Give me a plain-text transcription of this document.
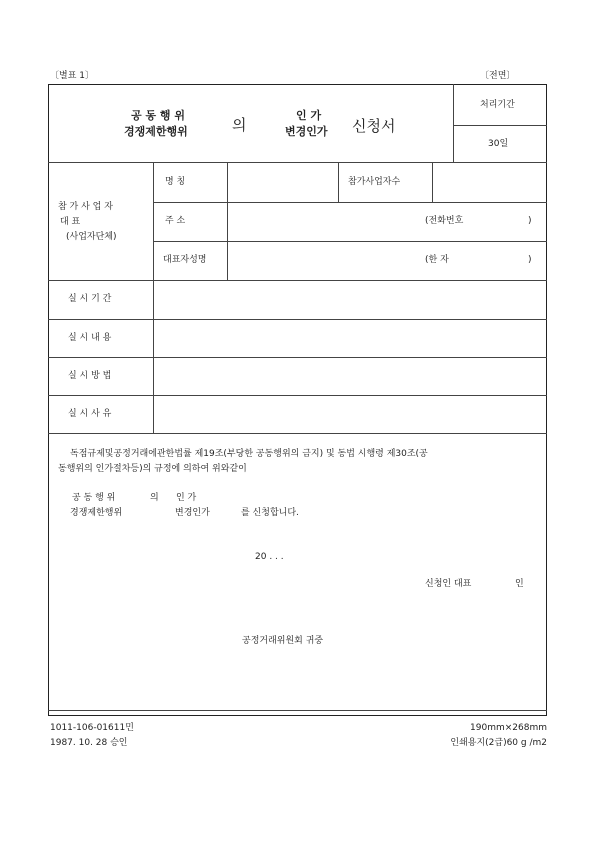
〔별표 1〕	〔전면〕
공 동 행 위
경쟁제한행위	의
인 가
변경인가 신청서
처리기간
30일
참 가 사 업 자
대 표
(사업자단체)
명 칭	참가사업자수
주 소	(전화번호	)
대표자성명	(한 자	)
실 시 기 간
실 시 내 용
실 시 방 법
실 시 사 유
독점규제및공정거래에관한법률 제19조(부당한 공동행위의 금지) 및 동법 시행령 제30조(공
동행위의 인가절차등)의 규정에 의하여 위와같이
공 동 행 위	의 인 가
경쟁제한행위	변경인가	를 신청합니다.
20 . . .
신청인 대표	인
공정거래위원회 귀중
1011-106-01611민
1987. 10. 28 승인
190mm×268mm
인쇄용지(2급)60 g /m2
